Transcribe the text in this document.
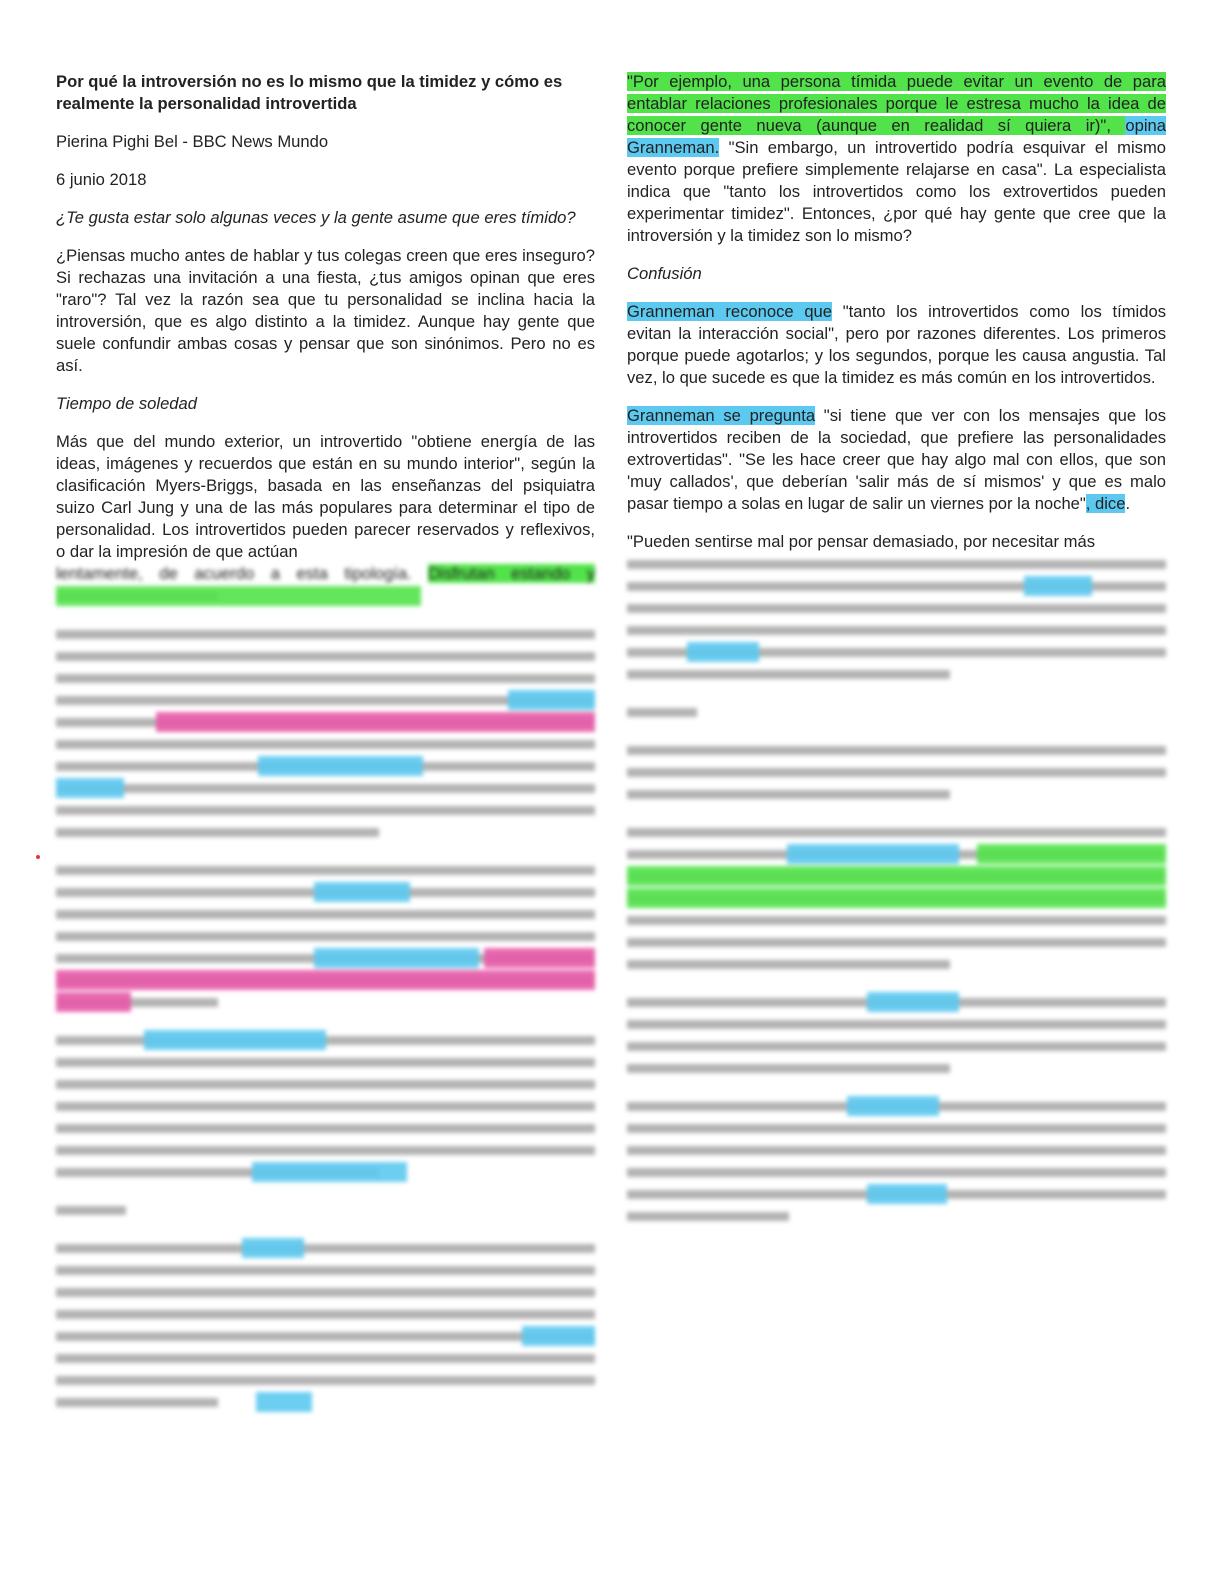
Por qué la introversión no es lo mismo que la timidez y cómo es realmente la personalidad introvertida

Pierina Pighi Bel - BBC News Mundo

6 junio 2018

¿Te gusta estar solo algunas veces y la gente asume que eres tímido?

¿Piensas mucho antes de hablar y tus colegas creen que eres inseguro? Si rechazas una invitación a una fiesta, ¿tus amigos opinan que eres "raro"? Tal vez la razón sea que tu personalidad se inclina hacia la introversión, que es algo distinto a la timidez. Aunque hay gente que suele confundir ambas cosas y pensar que son sinónimos. Pero no es así.

Tiempo de soledad

Más que del mundo exterior, un introvertido "obtiene energía de las ideas, imágenes y recuerdos que están en su mundo interior", según la clasificación Myers-Briggs, basada en las enseñanzas del psiquiatra suizo Carl Jung y una de las más populares para determinar el tipo de personalidad. Los introvertidos pueden parecer reservados y reflexivos, o dar la impresión de que actúan

lentamente, de acuerdo a esta tipología. Disfrutan estando y

"Por ejemplo, una persona tímida puede evitar un evento de para entablar relaciones profesionales porque le estresa mucho la idea de conocer gente nueva (aunque en realidad sí quiera ir)", opina Granneman. "Sin embargo, un introvertido podría esquivar el mismo evento porque prefiere simplemente relajarse en casa". La especialista indica que "tanto los introvertidos como los extrovertidos pueden experimentar timidez". Entonces, ¿por qué hay gente que cree que la introversión y la timidez son lo mismo?

Confusión

Granneman reconoce que "tanto los introvertidos como los tímidos evitan la interacción social", pero por razones diferentes. Los primeros porque puede agotarlos; y los segundos, porque les causa angustia. Tal vez, lo que sucede es que la timidez es más común en los introvertidos.

Granneman se pregunta "si tiene que ver con los mensajes que los introvertidos reciben de la sociedad, que prefiere las personalidades extrovertidas". "Se les hace creer que hay algo mal con ellos, que son 'muy callados', que deberían 'salir más de sí mismos' y que es malo pasar tiempo a solas en lugar de salir un viernes por la noche", dice.

"Pueden sentirse mal por pensar demasiado, por necesitar más
